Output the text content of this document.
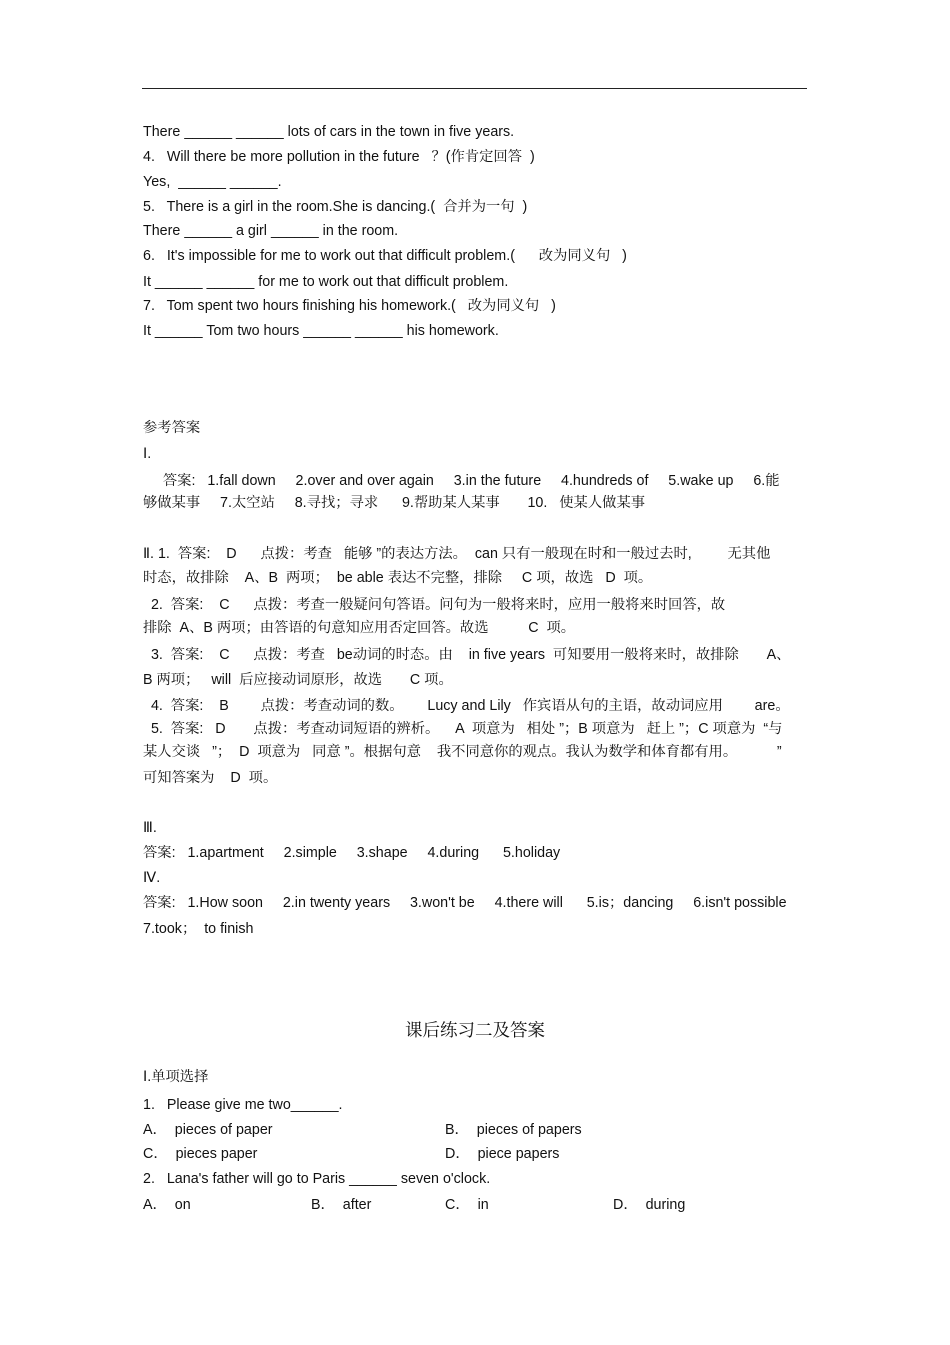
There ______ ______ lots of cars in the town in five years.
4.   Will there be more pollution in the future   ？(作肯定回答  )
Yes,  ______ ______.
5.   There is a girl in the room.She is dancing.(  合并为一句  )
There ______ a girl ______ in the room.
6.   It's impossible for me to work out that difficult problem.(      改为同义句   )
It ______ ______ for me to work out that difficult problem.
7.   Tom spent two hours finishing his homework.(   改为同义句   )
It ______ Tom two hours ______ ______ his homework.
参考答案
Ⅰ.
答案:   1.fall down     2.over and over again     3.in the future     4.hundreds of     5.wake up     6.能
够做某事     7.太空站     8.寻找；寻求      9.帮助某人某事       10.   使某人做某事
Ⅱ. 1.  答案:    D      点拨：考查   能够 ”的表达方法。  can 只有一般现在时和一般过去时,         无其他
时态，故排除    A、B  两项；  be able 表达不完整，排除     C 项，故选   D  项。
2.  答案:    C      点拨：考查一般疑问句答语。问句为一般将来时，应用一般将来时回答，故
排除  A、B 两项；由答语的句意知应用否定回答。故选          C  项。
3.  答案:    C      点拨：考查   be动词的时态。由    in five years  可知要用一般将来时，故排除       A、
B 两项；   will  后应接动词原形，故选       C 项。
4.  答案:    B        点拨：考查动词的数。      Lucy and Lily   作宾语从句的主语，故动词应用        are。
5.  答案:   D       点拨：考查动词短语的辨析。    A  项意为   相处 ”；B 项意为   赶上 ”；C 项意为  “与
某人交谈   ”；  D  项意为   同意 ”。根据句意    我不同意你的观点。我认为数学和体育都有用。          ”
可知答案为    D  项。
Ⅲ.
答案:   1.apartment     2.simple     3.shape     4.during      5.holiday
Ⅳ.
答案:   1.How soon     2.in twenty years     3.won't be     4.there will      5.is；dancing     6.isn't possible
7.took；  to finish
课后练习二及答案
Ⅰ.单项选择
1.   Please give me two______.
A．  pieces of paper	B．  pieces of papers
C．  pieces paper	D．  piece papers
2.   Lana's father will go to Paris ______ seven o'clock.
A．  on	B．  after	C．  in	D．  during
